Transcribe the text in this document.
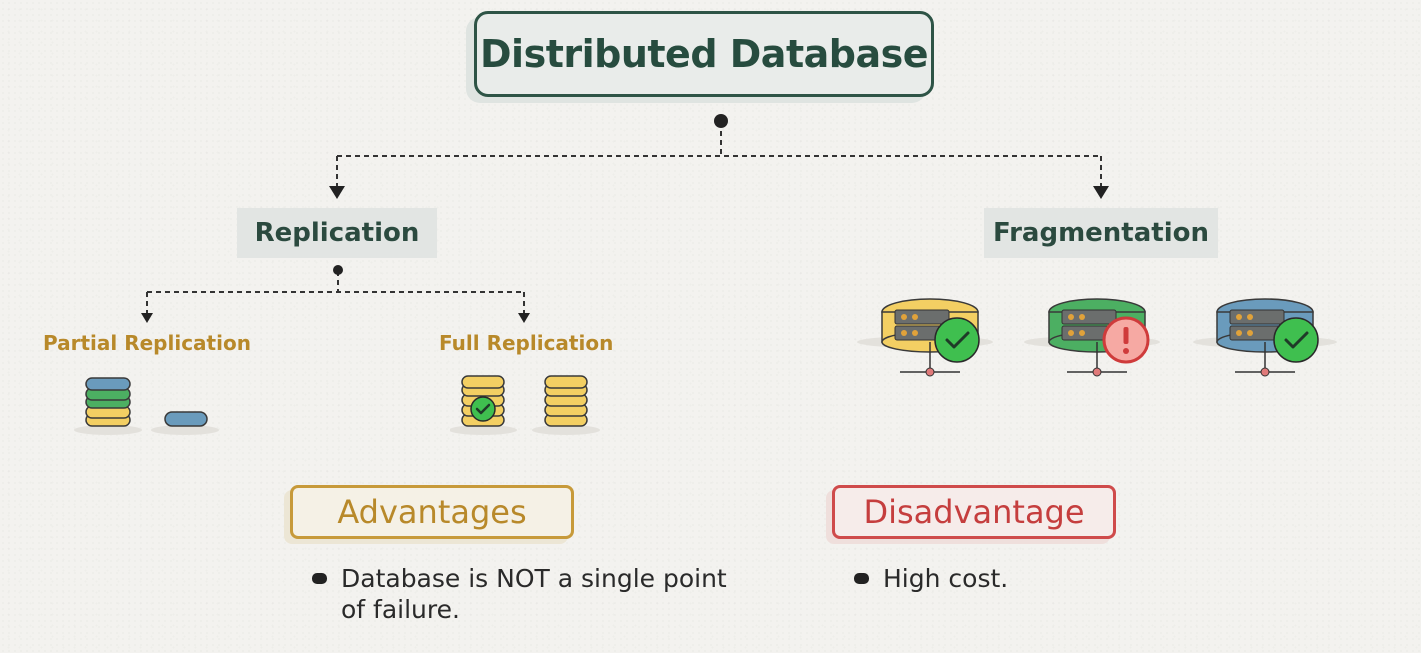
Distributed Database
Replication	Fragmentation
Partial Replication	Full Replication
Advantages	Disadvantage
Database is NOT a single point of failure.
High cost.
